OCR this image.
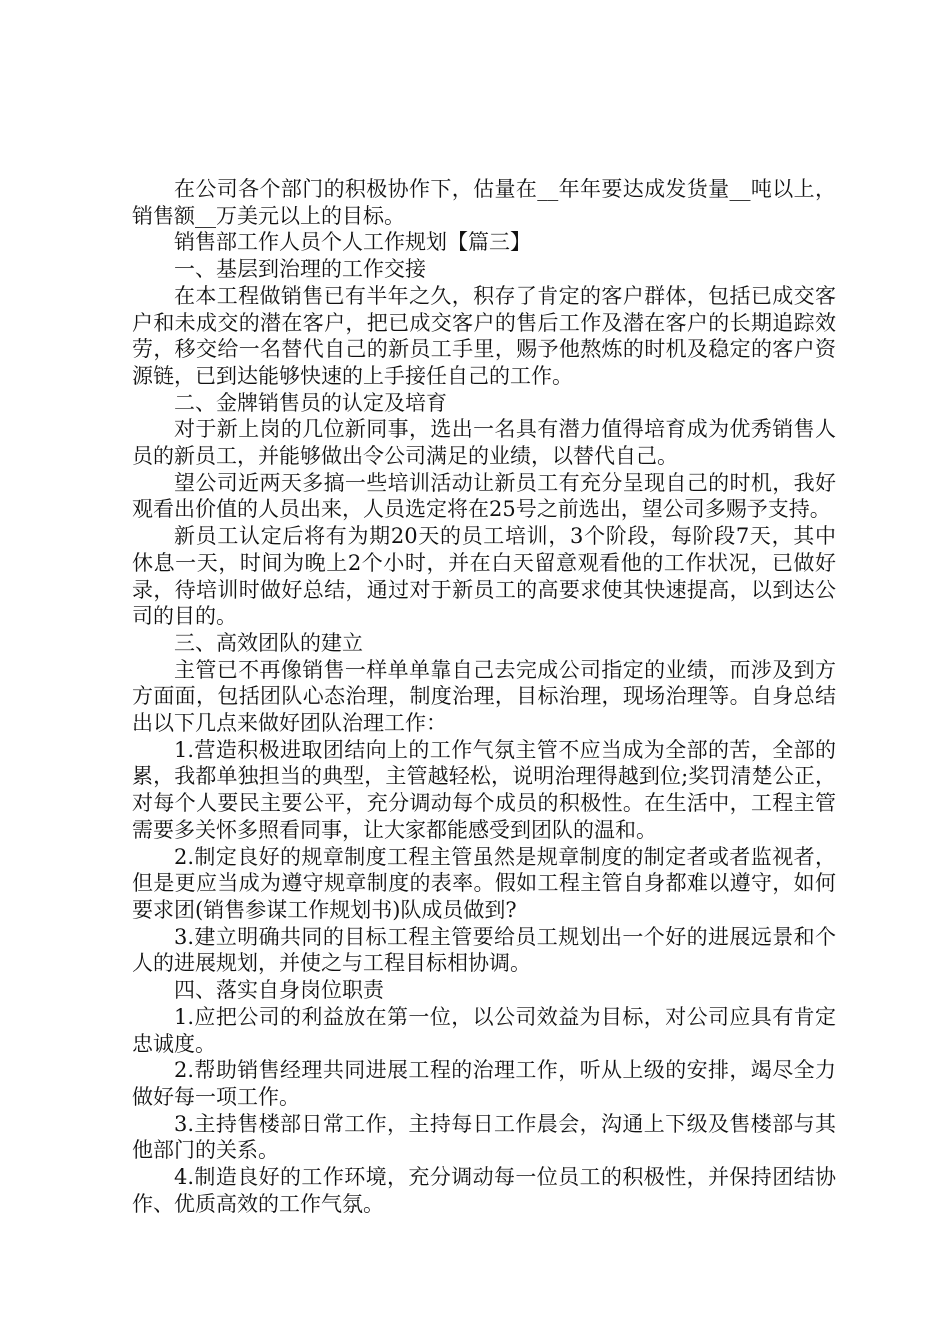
在公司各个部门的积极协作下，估量在__年年要达成发货量__吨以上，销售额__万美元以上的目标。

销售部工作人员个人工作规划【篇三】

一、基层到治理的工作交接

在本工程做销售已有半年之久，积存了肯定的客户群体，包括已成交客户和未成交的潜在客户，把已成交客户的售后工作及潜在客户的长期追踪效劳，移交给一名替代自己的新员工手里，赐予他熬炼的时机及稳定的客户资源链，已到达能够快速的上手接任自己的工作。

二、金牌销售员的认定及培育

对于新上岗的几位新同事，选出一名具有潜力值得培育成为优秀销售人员的新员工，并能够做出令公司满足的业绩，以替代自己。

望公司近两天多搞一些培训活动让新员工有充分呈现自己的时机，我好观看出价值的人员出来，人员选定将在25号之前选出，望公司多赐予支持。

新员工认定后将有为期20天的员工培训，3个阶段，每阶段7天，其中休息一天，时间为晚上2个小时，并在白天留意观看他的工作状况，已做好录，待培训时做好总结，通过对于新员工的高要求使其快速提高，以到达公司的目的。

三、高效团队的建立

主管已不再像销售一样单单靠自己去完成公司指定的业绩，而涉及到方方面面，包括团队心态治理，制度治理，目标治理，现场治理等。自身总结出以下几点来做好团队治理工作：

1.营造积极进取团结向上的工作气氛主管不应当成为全部的苦，全部的累，我都单独担当的典型，主管越轻松，说明治理得越到位;奖罚清楚公正，对每个人要民主要公平，充分调动每个成员的积极性。在生活中，工程主管需要多关怀多照看同事，让大家都能感受到团队的温和。

2.制定良好的规章制度工程主管虽然是规章制度的制定者或者监视者，但是更应当成为遵守规章制度的表率。假如工程主管自身都难以遵守，如何要求团(销售参谋工作规划书)队成员做到?

3.建立明确共同的目标工程主管要给员工规划出一个好的进展远景和个人的进展规划，并使之与工程目标相协调。

四、落实自身岗位职责

1.应把公司的利益放在第一位，以公司效益为目标，对公司应具有肯定忠诚度。

2.帮助销售经理共同进展工程的治理工作，听从上级的安排，竭尽全力做好每一项工作。

3.主持售楼部日常工作，主持每日工作晨会，沟通上下级及售楼部与其他部门的关系。

4.制造良好的工作环境，充分调动每一位员工的积极性，并保持团结协作、优质高效的工作气氛。
